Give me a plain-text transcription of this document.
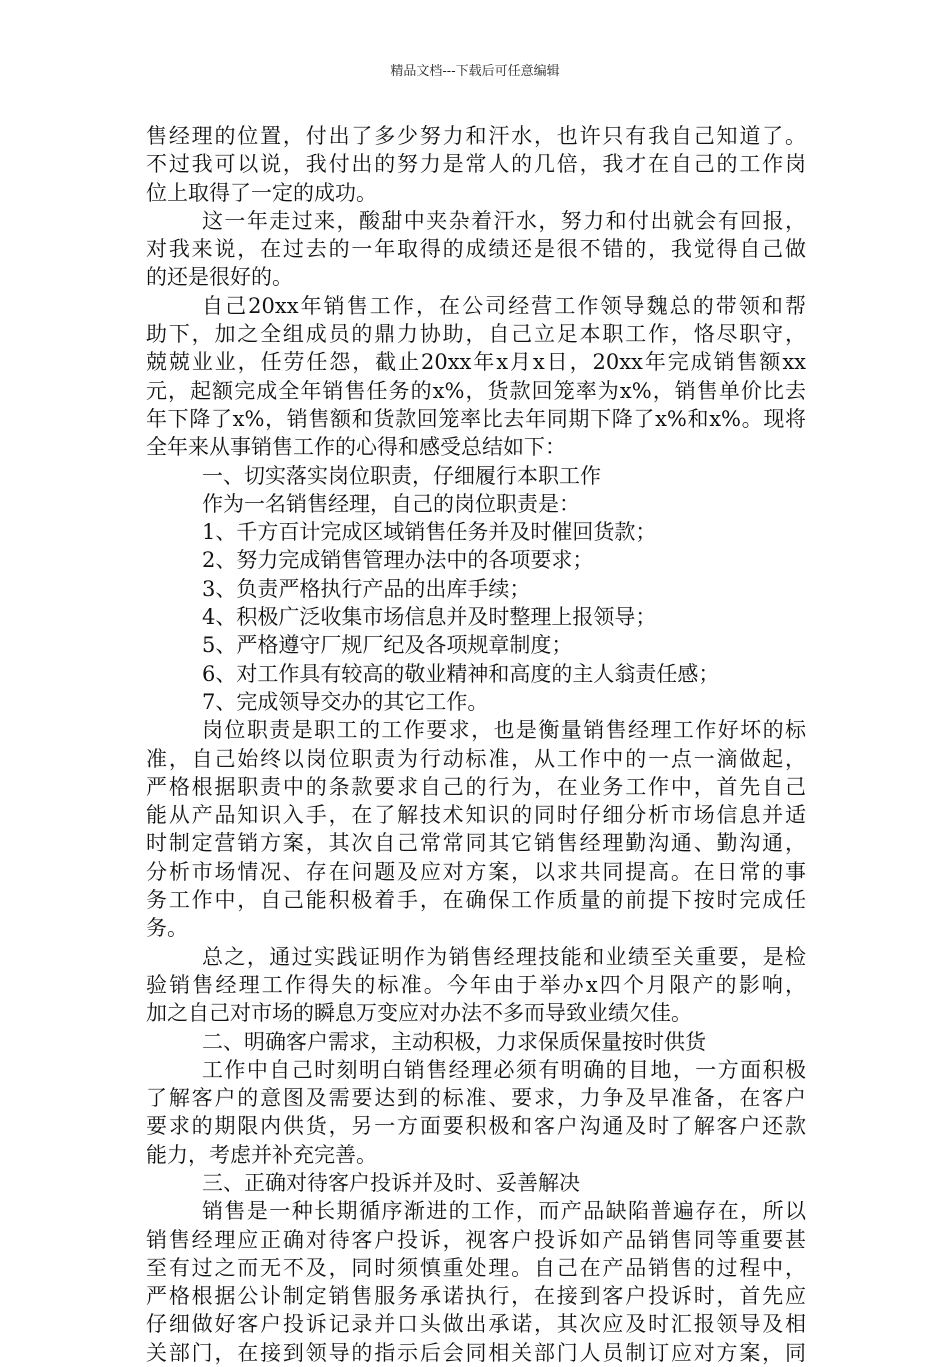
精品文档---下载后可任意编辑
售经理的位置，付出了多少努力和汗水，也许只有我自己知道了。
不过我可以说，我付出的努力是常人的几倍，我才在自己的工作岗
位上取得了一定的成功。
这一年走过来，酸甜中夹杂着汗水，努力和付出就会有回报，
对我来说，在过去的一年取得的成绩还是很不错的，我觉得自己做
的还是很好的。
自己20xx年销售工作，在公司经营工作领导魏总的带领和帮
助下，加之全组成员的鼎力协助，自己立足本职工作，恪尽职守，
兢兢业业，任劳任怨，截止20xx年x月x日，20xx年完成销售额xx
元，起额完成全年销售任务的x%，货款回笼率为x%，销售单价比去
年下降了x%，销售额和货款回笼率比去年同期下降了x%和x%。现将
全年来从事销售工作的心得和感受总结如下：
一、切实落实岗位职责，仔细履行本职工作
作为一名销售经理，自己的岗位职责是：
1、千方百计完成区域销售任务并及时催回货款；
2、努力完成销售管理办法中的各项要求；
3、负责严格执行产品的出库手续；
4、积极广泛收集市场信息并及时整理上报领导；
5、严格遵守厂规厂纪及各项规章制度；
6、对工作具有较高的敬业精神和高度的主人翁责任感；
7、完成领导交办的其它工作。
岗位职责是职工的工作要求，也是衡量销售经理工作好坏的标
准，自己始终以岗位职责为行动标准，从工作中的一点一滴做起，
严格根据职责中的条款要求自己的行为，在业务工作中，首先自己
能从产品知识入手，在了解技术知识的同时仔细分析市场信息并适
时制定营销方案，其次自己常常同其它销售经理勤沟通、勤沟通，
分析市场情况、存在问题及应对方案，以求共同提高。在日常的事
务工作中，自己能积极着手，在确保工作质量的前提下按时完成任
务。
总之，通过实践证明作为销售经理技能和业绩至关重要，是检
验销售经理工作得失的标准。今年由于举办x四个月限产的影响，
加之自己对市场的瞬息万变应对办法不多而导致业绩欠佳。
二、明确客户需求，主动积极，力求保质保量按时供货
工作中自己时刻明白销售经理必须有明确的目地，一方面积极
了解客户的意图及需要达到的标准、要求，力争及早准备，在客户
要求的期限内供货，另一方面要积极和客户沟通及时了解客户还款
能力，考虑并补充完善。
三、正确对待客户投诉并及时、妥善解决
销售是一种长期循序渐进的工作，而产品缺陷普遍存在，所以
销售经理应正确对待客户投诉，视客户投诉如产品销售同等重要甚
至有过之而无不及，同时须慎重处理。自己在产品销售的过程中，
严格根据公讣制定销售服务承诺执行，在接到客户投诉时，首先应
仔细做好客户投诉记录并口头做出承诺，其次应及时汇报领导及相
关部门，在接到领导的指示后会同相关部门人员制订应对方案，同
